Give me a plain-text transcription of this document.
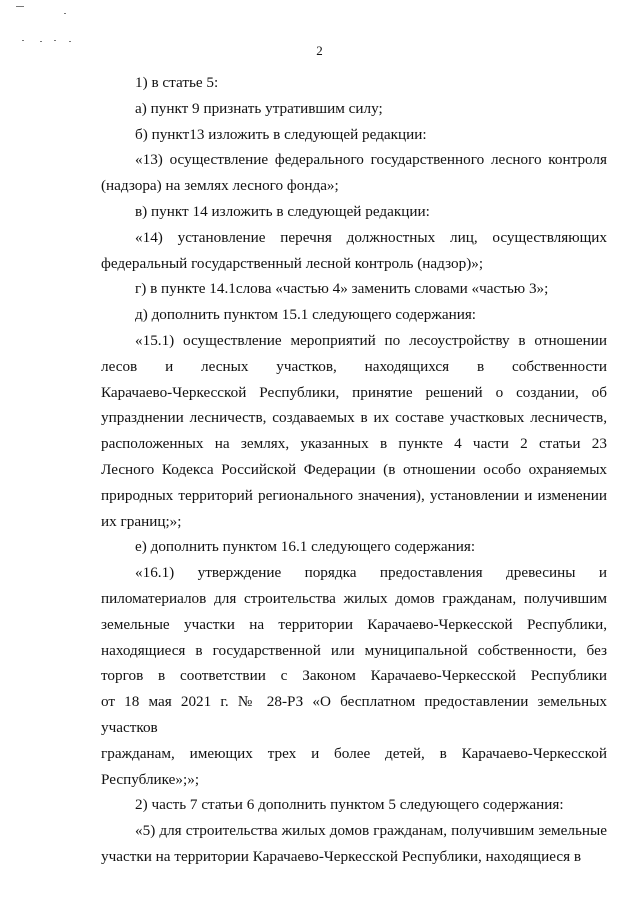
2
1) в статье 5:
а) пункт 9 признать утратившим силу;
б) пункт13 изложить в следующей редакции:
«13) осуществление федерального государственного лесного контроля
(надзора) на землях лесного фонда»;
в) пункт 14 изложить в следующей редакции:
«14) установление перечня должностных лиц, осуществляющих
федеральный государственный лесной контроль (надзор)»;
г) в пункте 14.1слова «частью 4» заменить словами «частью 3»;
д) дополнить пунктом 15.1 следующего содержания:
«15.1) осуществление мероприятий по лесоустройству в отношении
лесов и лесных участков, находящихся в собственности
Карачаево-Черкесской Республики, принятие решений о создании, об
упразднении лесничеств, создаваемых в их составе участковых лесничеств,
расположенных на землях, указанных в пункте 4 части 2 статьи 23
Лесного Кодекса Российской Федерации (в отношении особо охраняемых
природных территорий регионального значения), установлении и изменении
их границ;»;
е) дополнить пунктом 16.1 следующего содержания:
«16.1) утверждение порядка предоставления древесины и
пиломатериалов для строительства жилых домов гражданам, получившим
земельные участки на территории Карачаево-Черкесской Республики,
находящиеся в государственной или муниципальной собственности, без
торгов в соответствии с Законом Карачаево-Черкесской Республики
от 18 мая 2021 г. № 28-РЗ «О бесплатном предоставлении земельных участков
гражданам, имеющих трех и более детей, в Карачаево-Черкесской
Республике»;»;
2) часть 7 статьи 6 дополнить пунктом 5 следующего содержания:
«5) для строительства жилых домов гражданам, получившим земельные
участки на территории Карачаево-Черкесской Республики, находящиеся в
